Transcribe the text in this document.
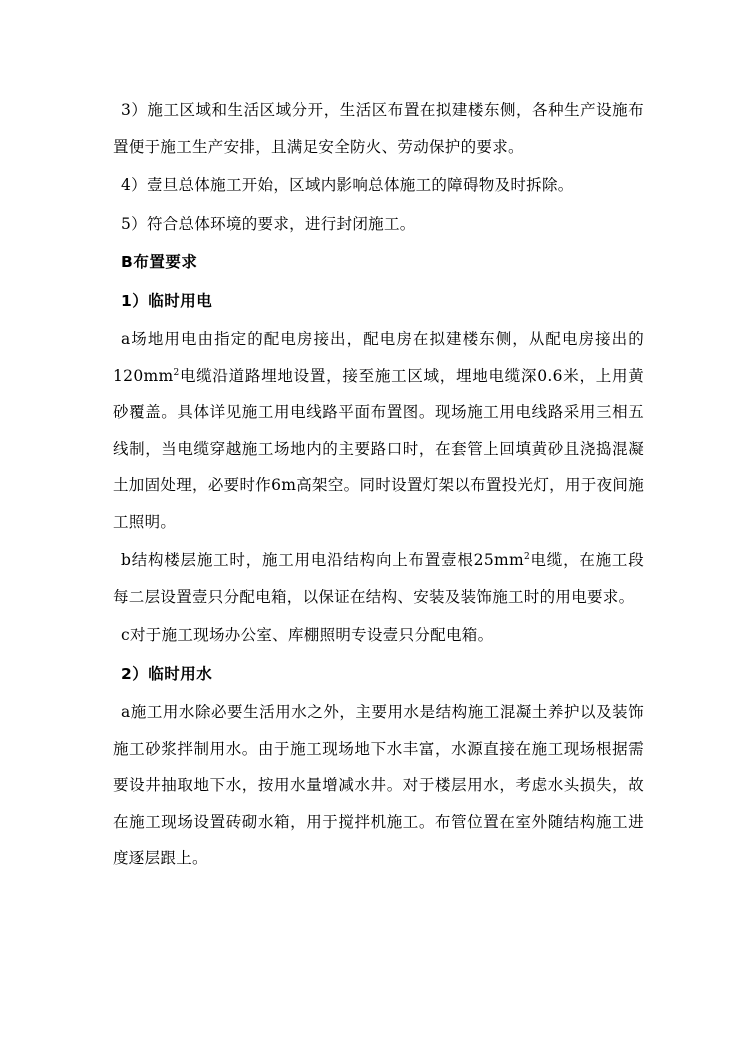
3）施工区域和生活区域分开，生活区布置在拟建楼东侧，各种生产设施布置便于施工生产安排，且满足安全防火、劳动保护的要求。

4）壹旦总体施工开始，区域内影响总体施工的障碍物及时拆除。

5）符合总体环境的要求，进行封闭施工。

B布置要求

1）临时用电

a场地用电由指定的配电房接出，配电房在拟建楼东侧，从配电房接出的$120mm^2$电缆沿道路埋地设置，接至施工区域，埋地电缆深0.6米，上用黄砂覆盖。具体详见施工用电线路平面布置图。现场施工用电线路采用三相五线制，当电缆穿越施工场地内的主要路口时，在套管上回填黄砂且浇捣混凝土加固处理，必要时作6m高架空。同时设置灯架以布置投光灯，用于夜间施工照明。

b结构楼层施工时，施工用电沿结构向上布置壹根$25mm^2$电缆，在施工段每二层设置壹只分配电箱，以保证在结构、安装及装饰施工时的用电要求。

c对于施工现场办公室、库棚照明专设壹只分配电箱。

2）临时用水

a施工用水除必要生活用水之外，主要用水是结构施工混凝土养护以及装饰施工砂浆拌制用水。由于施工现场地下水丰富，水源直接在施工现场根据需要设井抽取地下水，按用水量增减水井。对于楼层用水，考虑水头损失，故在施工现场设置砖砌水箱，用于搅拌机施工。布管位置在室外随结构施工进度逐层跟上。
